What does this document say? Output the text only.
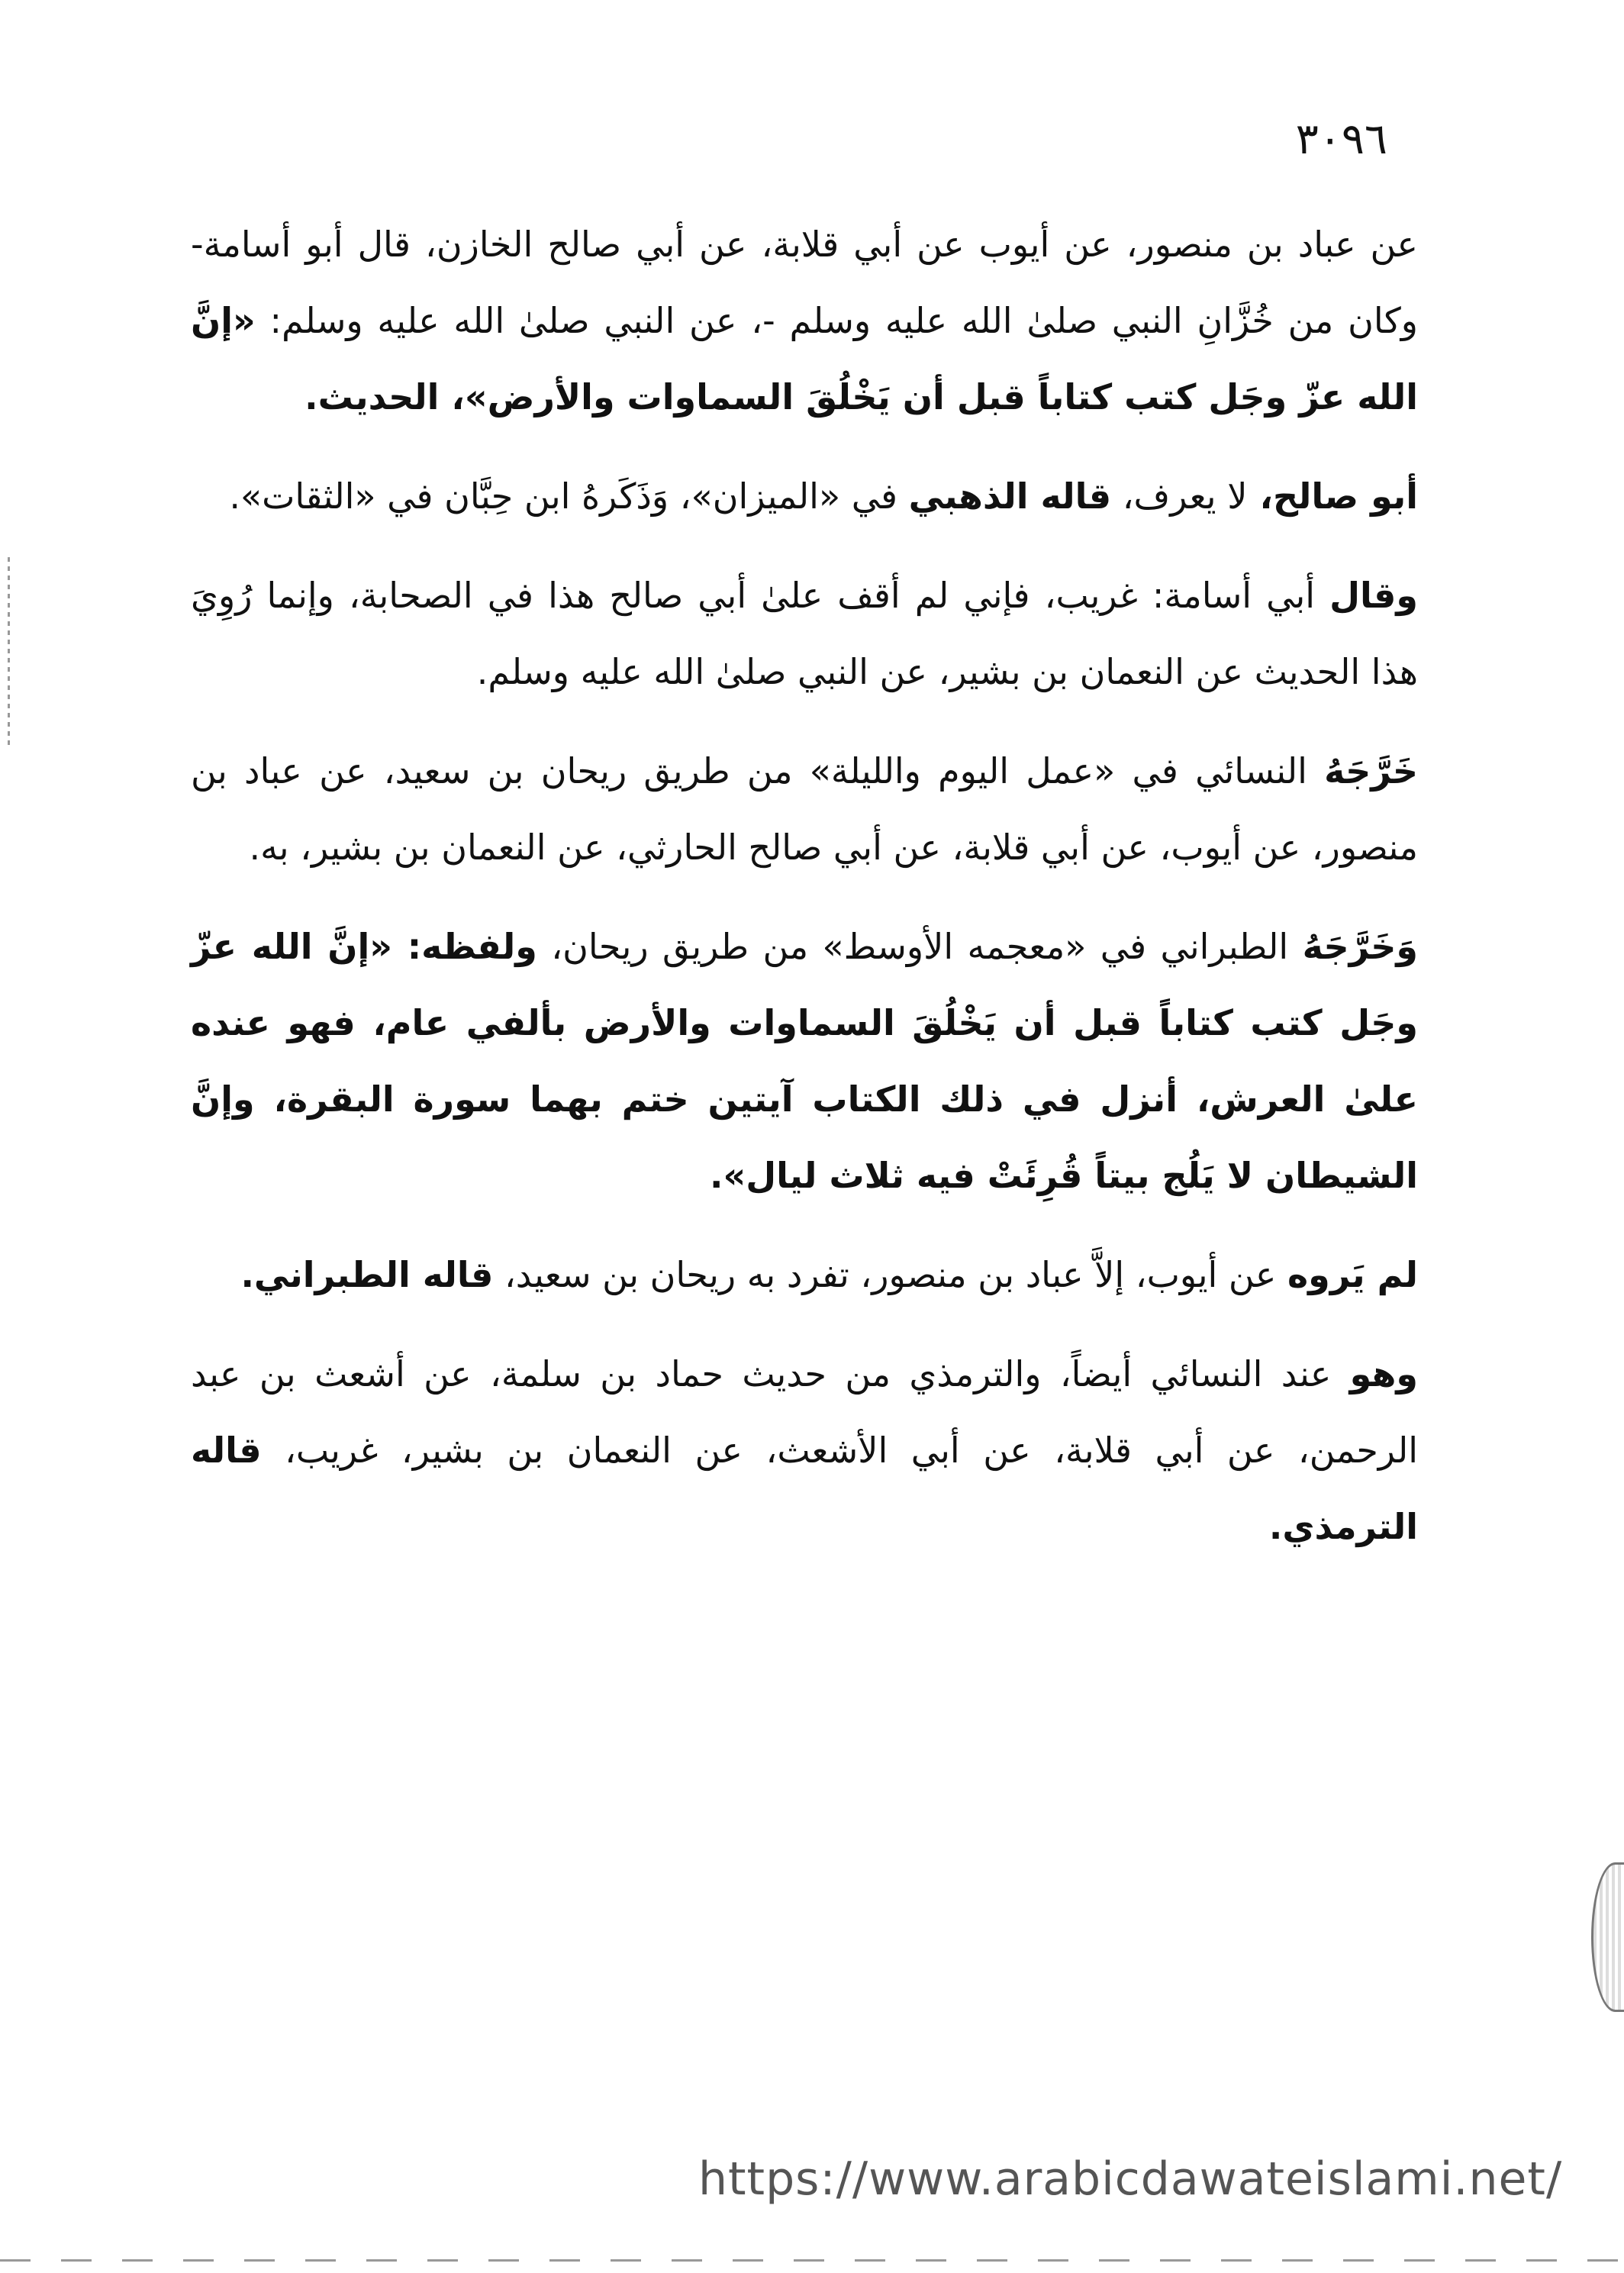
٣٠٩٦

عن عباد بن منصور، عن أيوب عن أبي قلابة، عن أبي صالح الخازن، قال أبو أسامة- وكان من خُزَّانِ النبي صلىٰ الله عليه وسلم -، عن النبي صلىٰ الله عليه وسلم: «إنَّ الله عزّ وجَل كتب كتاباً قبل أن يَخْلُقَ السماوات والأرض»، الحديث.

أبو صالح، لا يعرف، قاله الذهبي في «الميزان»، وَذَكَرهُ ابن حِبَّان في «الثقات».

وقال أبي أسامة: غريب، فإني لم أقف علىٰ أبي صالح هذا في الصحابة، وإنما رُوِيَ هذا الحديث عن النعمان بن بشير، عن النبي صلىٰ الله عليه وسلم.

خَرَّجَهُ النسائي في «عمل اليوم والليلة» من طريق ريحان بن سعيد، عن عباد بن منصور، عن أيوب، عن أبي قلابة، عن أبي صالح الحارثي، عن النعمان بن بشير، به.

وَخَرَّجَهُ الطبراني في «معجمه الأوسط» من طريق ريحان، ولفظه: «إنَّ الله عزّ وجَل كتب كتاباً قبل أن يَخْلُقَ السماوات والأرض بألفي عام، فهو عنده علىٰ العرش، أنزل في ذلك الكتاب آيتين ختم بهما سورة البقرة، وإنَّ الشيطان لا يَلُج بيتاً قُرِئَتْ فيه ثلاث ليال».

لم يَروه عن أيوب، إلاَّ عباد بن منصور، تفرد به ريحان بن سعيد، قاله الطبراني.

وهو عند النسائي أيضاً، والترمذي من حديث حماد بن سلمة، عن أشعث بن عبد الرحمن، عن أبي قلابة، عن أبي الأشعث، عن النعمان بن بشير، غريب، قاله الترمذي.

https://www.arabicdawateislami.net/
